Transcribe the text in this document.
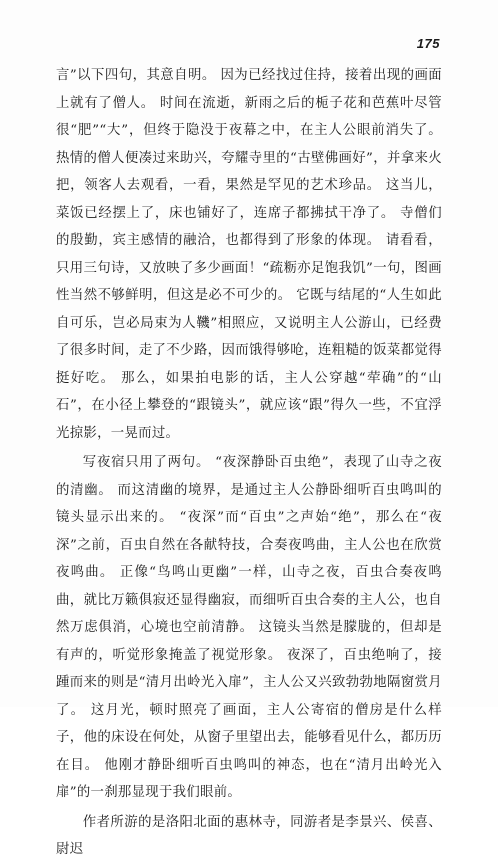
175

言”以下四句，其意自明。 因为已经找过住持，接着出现的画面上就有了僧人。 时间在流逝，新雨之后的栀子花和芭蕉叶尽管很“肥”“大”，但终于隐没于夜幕之中，在主人公眼前消失了。 热情的僧人便凑过来助兴，夸耀寺里的“古壁佛画好”，并拿来火把，领客人去观看，一看，果然是罕见的艺术珍品。 这当儿，菜饭已经摆上了，床也铺好了，连席子都拂拭干净了。 寺僧们的殷勤，宾主感情的融洽，也都得到了形象的体现。 请看看，只用三句诗，又放映了多少画面！“疏粝亦足饱我饥”一句，图画性当然不够鲜明，但这是必不可少的。 它既与结尾的“人生如此自可乐，岂必局束为人鞿”相照应，又说明主人公游山，已经费了很多时间，走了不少路，因而饿得够呛，连粗糙的饭菜都觉得挺好吃。 那么，如果拍电影的话，主人公穿越“荦确”的“山石”，在小径上攀登的“跟镜头”，就应该“跟”得久一些，不宜浮光掠影，一晃而过。

写夜宿只用了两句。 “夜深静卧百虫绝”，表现了山寺之夜的清幽。 而这清幽的境界，是通过主人公静卧细听百虫鸣叫的镜头显示出来的。 “夜深”而“百虫”之声始“绝”，那么在“夜深”之前，百虫自然在各献特技，合奏夜鸣曲，主人公也在欣赏夜鸣曲。 正像“鸟鸣山更幽”一样，山寺之夜，百虫合奏夜鸣曲，就比万籁俱寂还显得幽寂，而细听百虫合奏的主人公，也自然万虑俱消，心境也空前清静。 这镜头当然是朦胧的，但却是有声的，听觉形象掩盖了视觉形象。 夜深了，百虫绝响了，接踵而来的则是“清月出岭光入扉”，主人公又兴致勃勃地隔窗赏月了。 这月光，顿时照亮了画面，主人公寄宿的僧房是什么样子，他的床设在何处，从窗子里望出去，能够看见什么，都历历在目。 他刚才静卧细听百虫鸣叫的神态，也在“清月出岭光入扉”的一刹那显现于我们眼前。

作者所游的是洛阳北面的惠林寺，同游者是李景兴、侯喜、尉迟
